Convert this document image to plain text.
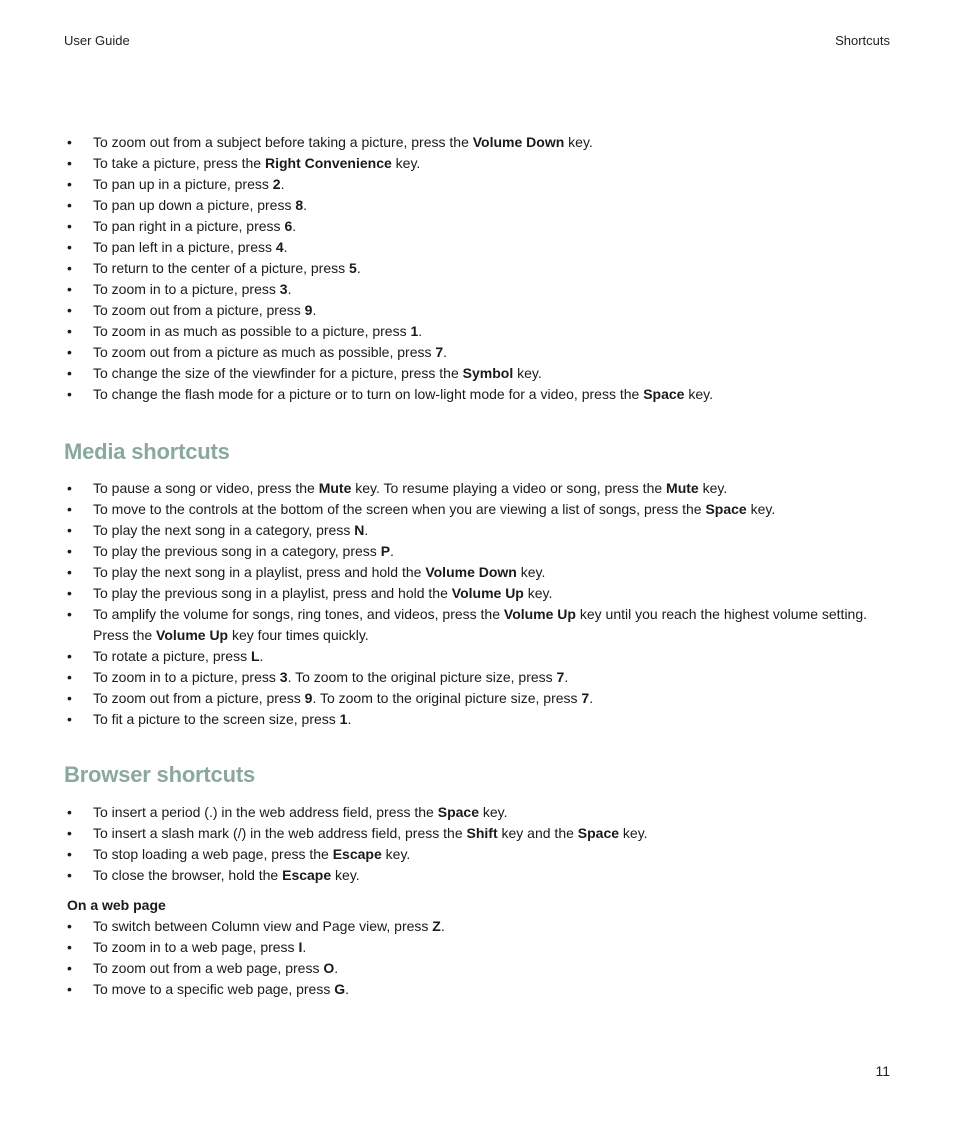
User Guide	Shortcuts
• To zoom out from a subject before taking a picture, press the Volume Down key.
• To take a picture, press the Right Convenience key.
• To pan up in a picture, press 2.
• To pan up down a picture, press 8.
• To pan right in a picture, press 6.
• To pan left in a picture, press 4.
• To return to the center of a picture, press 5.
• To zoom in to a picture, press 3.
• To zoom out from a picture, press 9.
• To zoom in as much as possible to a picture, press 1.
• To zoom out from a picture as much as possible, press 7.
• To change the size of the viewfinder for a picture, press the Symbol key.
• To change the flash mode for a picture or to turn on low-light mode for a video, press the Space key.
Media shortcuts
• To pause a song or video, press the Mute key. To resume playing a video or song, press the Mute key.
• To move to the controls at the bottom of the screen when you are viewing a list of songs, press the Space key.
• To play the next song in a category, press N.
• To play the previous song in a category, press P.
• To play the next song in a playlist, press and hold the Volume Down key.
• To play the previous song in a playlist, press and hold the Volume Up key.
• To amplify the volume for songs, ring tones, and videos, press the Volume Up key until you reach the highest volume setting. Press the Volume Up key four times quickly.
• To rotate a picture, press L.
• To zoom in to a picture, press 3. To zoom to the original picture size, press 7.
• To zoom out from a picture, press 9. To zoom to the original picture size, press 7.
• To fit a picture to the screen size, press 1.
Browser shortcuts
• To insert a period (.) in the web address field, press the Space key.
• To insert a slash mark (/) in the web address field, press the Shift key and the Space key.
• To stop loading a web page, press the Escape key.
• To close the browser, hold the Escape key.
On a web page
• To switch between Column view and Page view, press Z.
• To zoom in to a web page, press I.
• To zoom out from a web page, press O.
• To move to a specific web page, press G.
11
